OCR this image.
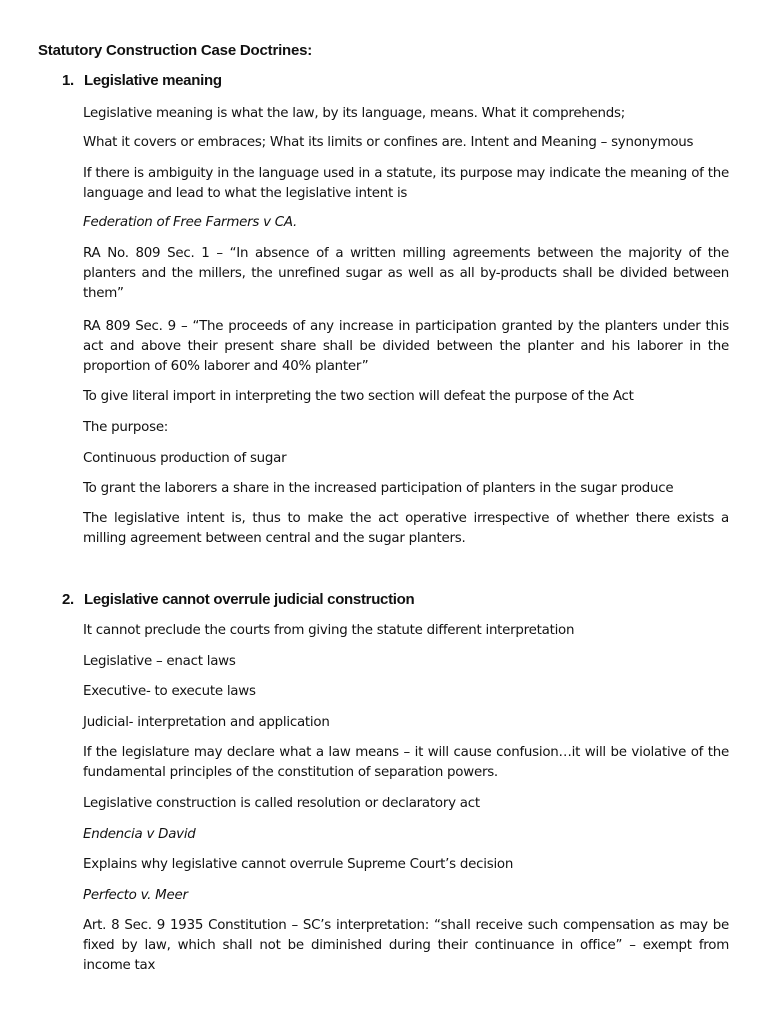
Statutory Construction Case Doctrines:
1. Legislative meaning

Legislative meaning is what the law, by its language, means. What it comprehends;

What it covers or embraces; What its limits or confines are. Intent and Meaning – synonymous

If there is ambiguity in the language used in a statute, its purpose may indicate the meaning of the language and lead to what the legislative intent is

Federation of Free Farmers v CA.

RA No. 809 Sec. 1 – “In absence of a written milling agreements between the majority of the planters and the millers, the unrefined sugar as well as all by-products shall be divided between them”

RA 809 Sec. 9 – “The proceeds of any increase in participation granted by the planters under this act and above their present share shall be divided between the planter and his laborer in the proportion of 60% laborer and 40% planter”

To give literal import in interpreting the two section will defeat the purpose of the Act

The purpose:

Continuous production of sugar

To grant the laborers a share in the increased participation of planters in the sugar produce

The legislative intent is, thus to make the act operative irrespective of whether there exists a milling agreement between central and the sugar planters.

2. Legislative cannot overrule judicial construction

It cannot preclude the courts from giving the statute different interpretation

Legislative – enact laws

Executive- to execute laws

Judicial- interpretation and application

If the legislature may declare what a law means – it will cause confusion…it will be violative of the fundamental principles of the constitution of separation powers.

Legislative construction is called resolution or declaratory act

Endencia v David

Explains why legislative cannot overrule Supreme Court’s decision

Perfecto v. Meer

Art. 8 Sec. 9 1935 Constitution – SC’s interpretation: “shall receive such compensation as may be fixed by law, which shall not be diminished during their continuance in office” – exempt from income tax
